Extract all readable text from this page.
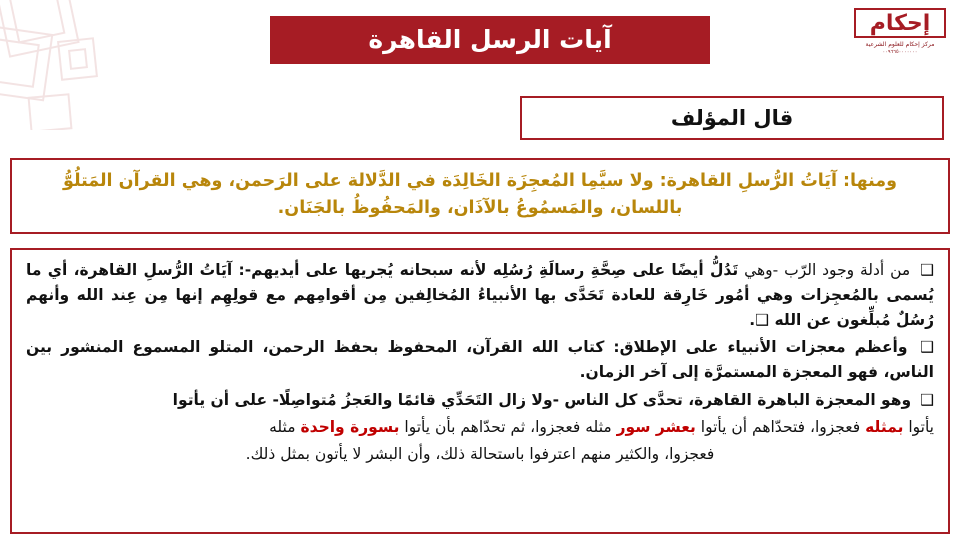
آيات الرسل القاهرة
إحكام
مركز إحكام للعلوم الشرعية
٠٠٩٦٦٥٠٠٠٠٠٠٠
قال المؤلف
ومنها: آيَاتُ الرُّسلِ القاهرة: ولا سيَّمِا المُعجِزَة الخَالِدَة في الدَّلالة على الرَحمن، وهي القرآن المَتلُوُّ
باللسان، والمَسمُوعُ بالآذَان، والمَحفُوظُ بالجَنَان.

❑ من أدلة وجود الرّب -وهي تَدُلُّ أيضًا على صِحَّةِ رسالَةِ رُسُلِه لأنه سبحانه يُجريها على أيديهم-: آيَاتُ الرُّسلِ القاهرة، أي ما يُسمى بالمُعجِزات وهي أمُور خَارِقة للعادة تَحَدَّى بها الأنبياءُ المُخالِفين مِن أقوامِهم مع قولِهِم إنها مِن عِند الله وأنهم رُسُلٌ مُبلِّغون عن الله ❑.

❑ وأعظم معجزات الأنبياء على الإطلاق: كتاب الله القرآن، المحفوظ بحفظ الرحمن، المتلو المسموع المنشور بين الناس، فهو المعجزة المستمرَّة إلى آخر الزمان.

❑ وهو المعجزة الباهرة القاهرة، تحدَّى كل الناس -ولا زال التَحَدِّي قائمًا والعَجزُ مُتواصِلًا- على أن يأتوا

يأتوا بمثله فعجزوا، فتحدّاهم أن يأتوا بعشر سور مثله فعجزوا، ثم تحدّاهم بأن يأتوا بسورة واحدة مثله

فعجزوا، والكثير منهم اعترفوا باستحالة ذلك، وأن البشر لا يأتون بمثل ذلك.
